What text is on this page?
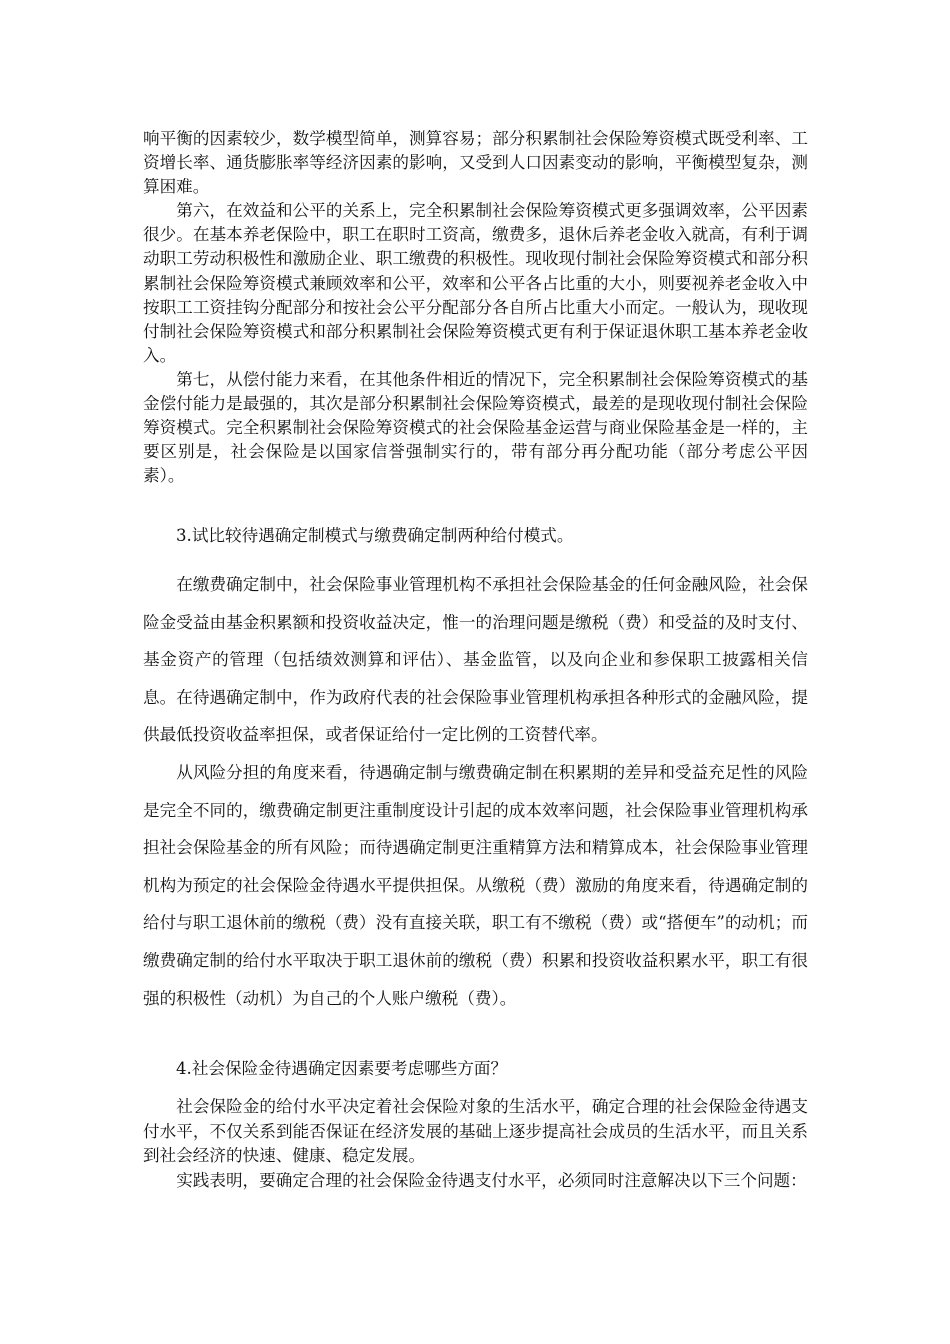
响平衡的因素较少，数学模型简单，测算容易；部分积累制社会保险筹资模式既受利率、工资增长率、通货膨胀率等经济因素的影响，又受到人口因素变动的影响，平衡模型复杂，测算困难。

第六，在效益和公平的关系上，完全积累制社会保险筹资模式更多强调效率，公平因素很少。在基本养老保险中，职工在职时工资高，缴费多，退休后养老金收入就高，有利于调动职工劳动积极性和激励企业、职工缴费的积极性。现收现付制社会保险筹资模式和部分积累制社会保险筹资模式兼顾效率和公平，效率和公平各占比重的大小，则要视养老金收入中按职工工资挂钩分配部分和按社会公平分配部分各自所占比重大小而定。一般认为，现收现付制社会保险筹资模式和部分积累制社会保险筹资模式更有利于保证退休职工基本养老金收入。

第七，从偿付能力来看，在其他条件相近的情况下，完全积累制社会保险筹资模式的基金偿付能力是最强的，其次是部分积累制社会保险筹资模式，最差的是现收现付制社会保险筹资模式。完全积累制社会保险筹资模式的社会保险基金运营与商业保险基金是一样的，主要区别是，社会保险是以国家信誉强制实行的，带有部分再分配功能（部分考虑公平因素）。

3.试比较待遇确定制模式与缴费确定制两种给付模式。

在缴费确定制中，社会保险事业管理机构不承担社会保险基金的任何金融风险，社会保险金受益由基金积累额和投资收益决定，惟一的治理问题是缴税（费）和受益的及时支付、基金资产的管理（包括绩效测算和评估）、基金监管，以及向企业和参保职工披露相关信息。在待遇确定制中，作为政府代表的社会保险事业管理机构承担各种形式的金融风险，提供最低投资收益率担保，或者保证给付一定比例的工资替代率。

从风险分担的角度来看，待遇确定制与缴费确定制在积累期的差异和受益充足性的风险是完全不同的，缴费确定制更注重制度设计引起的成本效率问题，社会保险事业管理机构承担社会保险基金的所有风险；而待遇确定制更注重精算方法和精算成本，社会保险事业管理机构为预定的社会保险金待遇水平提供担保。从缴税（费）激励的角度来看，待遇确定制的给付与职工退休前的缴税（费）没有直接关联，职工有不缴税（费）或“搭便车”的动机；而缴费确定制的给付水平取决于职工退休前的缴税（费）积累和投资收益积累水平，职工有很强的积极性（动机）为自己的个人账户缴税（费）。

4.社会保险金待遇确定因素要考虑哪些方面？

社会保险金的给付水平决定着社会保险对象的生活水平，确定合理的社会保险金待遇支付水平，不仅关系到能否保证在经济发展的基础上逐步提高社会成员的生活水平，而且关系到社会经济的快速、健康、稳定发展。

实践表明，要确定合理的社会保险金待遇支付水平，必须同时注意解决以下三个问题：
